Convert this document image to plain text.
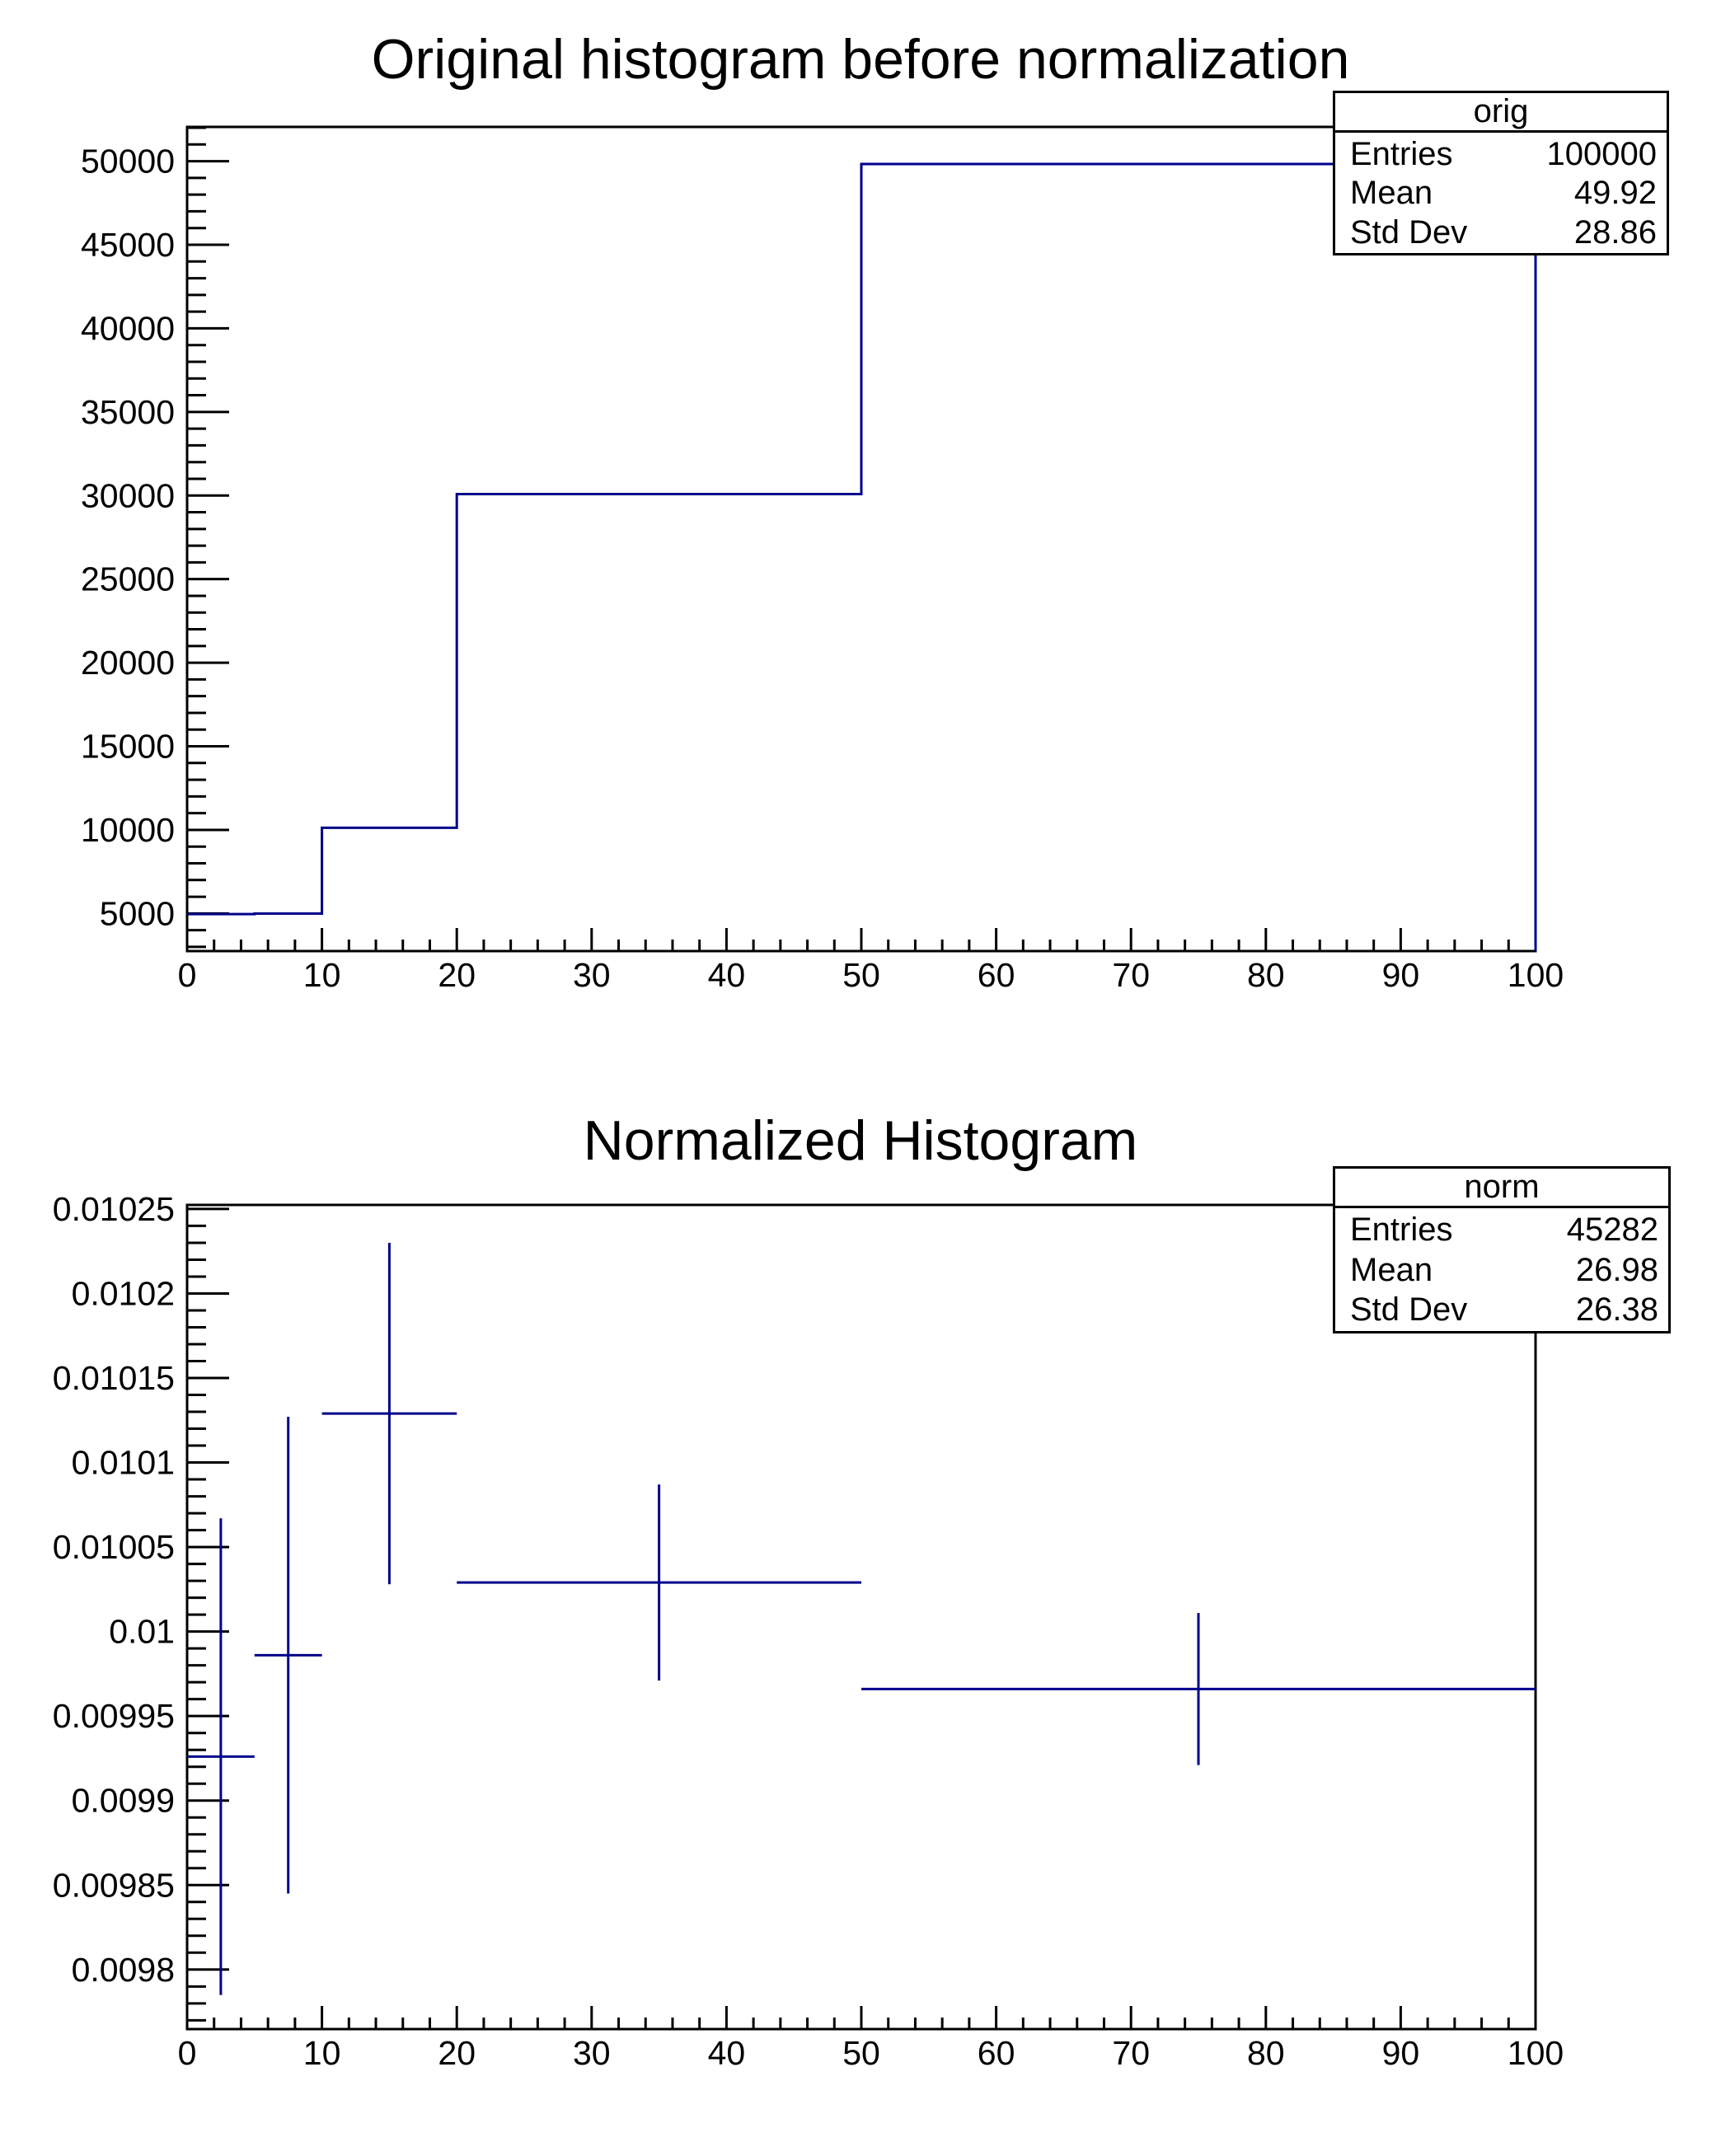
0	10	20	30	40	50	60	70	80	90	100
5000
10000
15000
20000
25000
30000
35000
40000
45000
50000
0	10	20	30	40	50	60	70	80	90	100
0.0098
0.00985
0.0099
0.00995
0.01
0.01005
0.0101
0.01015
0.0102
0.01025
Original histogram before normalization
Normalized Histogram
orig
Entries	100000
Mean	49.92
Std Dev	28.86
norm
Entries	45282
Mean	26.98
Std Dev	26.38
